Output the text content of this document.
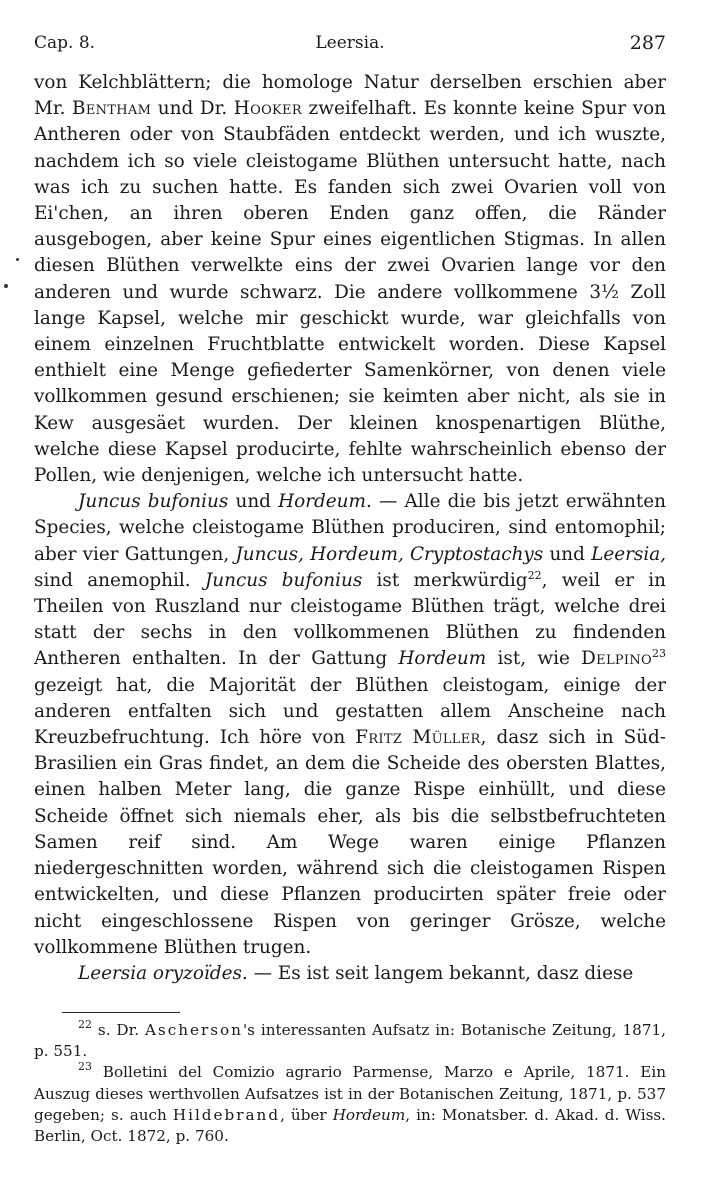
Cap. 8.	Leersia.	287

von Kelchblättern; die homologe Natur derselben erschien aber Mr. Bentham und Dr. Hooker zweifelhaft. Es konnte keine Spur von Antheren oder von Staubfäden entdeckt werden, und ich wuszte, nachdem ich so viele cleistogame Blüthen untersucht hatte, nach was ich zu suchen hatte. Es fanden sich zwei Ovarien voll von Ei'chen, an ihren oberen Enden ganz offen, die Ränder ausgebogen, aber keine Spur eines eigentlichen Stigmas. In allen diesen Blüthen verwelkte eins der zwei Ovarien lange vor den anderen und wurde schwarz. Die andere vollkommene 3½ Zoll lange Kapsel, welche mir geschickt wurde, war gleichfalls von einem einzelnen Fruchtblatte entwickelt worden. Diese Kapsel enthielt eine Menge gefiederter Samenkörner, von denen viele vollkommen gesund erschienen; sie keimten aber nicht, als sie in Kew ausgesäet wurden. Der kleinen knospenartigen Blüthe, welche diese Kapsel producirte, fehlte wahrscheinlich ebenso der Pollen, wie denjenigen, welche ich untersucht hatte.

Juncus bufonius und Hordeum. — Alle die bis jetzt erwähnten Species, welche cleistogame Blüthen produciren, sind entomophil; aber vier Gattungen, Juncus, Hordeum, Cryptostachys und Leersia, sind anemophil. Juncus bufonius ist merkwürdig$^{22}$, weil er in Theilen von Ruszland nur cleistogame Blüthen trägt, welche drei statt der sechs in den vollkommenen Blüthen zu findenden Antheren enthalten. In der Gattung Hordeum ist, wie Delpino$^{23}$ gezeigt hat, die Majorität der Blüthen cleistogam, einige der anderen entfalten sich und gestatten allem Anscheine nach Kreuzbefruchtung. Ich höre von Fritz Müller, dasz sich in Süd-Brasilien ein Gras findet, an dem die Scheide des obersten Blattes, einen halben Meter lang, die ganze Rispe einhüllt, und diese Scheide öffnet sich niemals eher, als bis die selbstbefruchteten Samen reif sind. Am Wege waren einige Pflanzen niedergeschnitten worden, während sich die cleistogamen Rispen entwickelten, und diese Pflanzen producirten später freie oder nicht eingeschlossene Rispen von geringer Grösze, welche vollkommene Blüthen trugen.

Leersia oryzoïdes. — Es ist seit langem bekannt, dasz diese

$^{22}$ s. Dr. Ascherson's interessanten Aufsatz in: Botanische Zeitung, 1871, p. 551.

$^{23}$ Bolletini del Comizio agrario Parmense, Marzo e Aprile, 1871. Ein Auszug dieses werthvollen Aufsatzes ist in der Botanischen Zeitung, 1871, p. 537 gegeben; s. auch Hildebrand, über Hordeum, in: Monatsber. d. Akad. d. Wiss. Berlin, Oct. 1872, p. 760.
